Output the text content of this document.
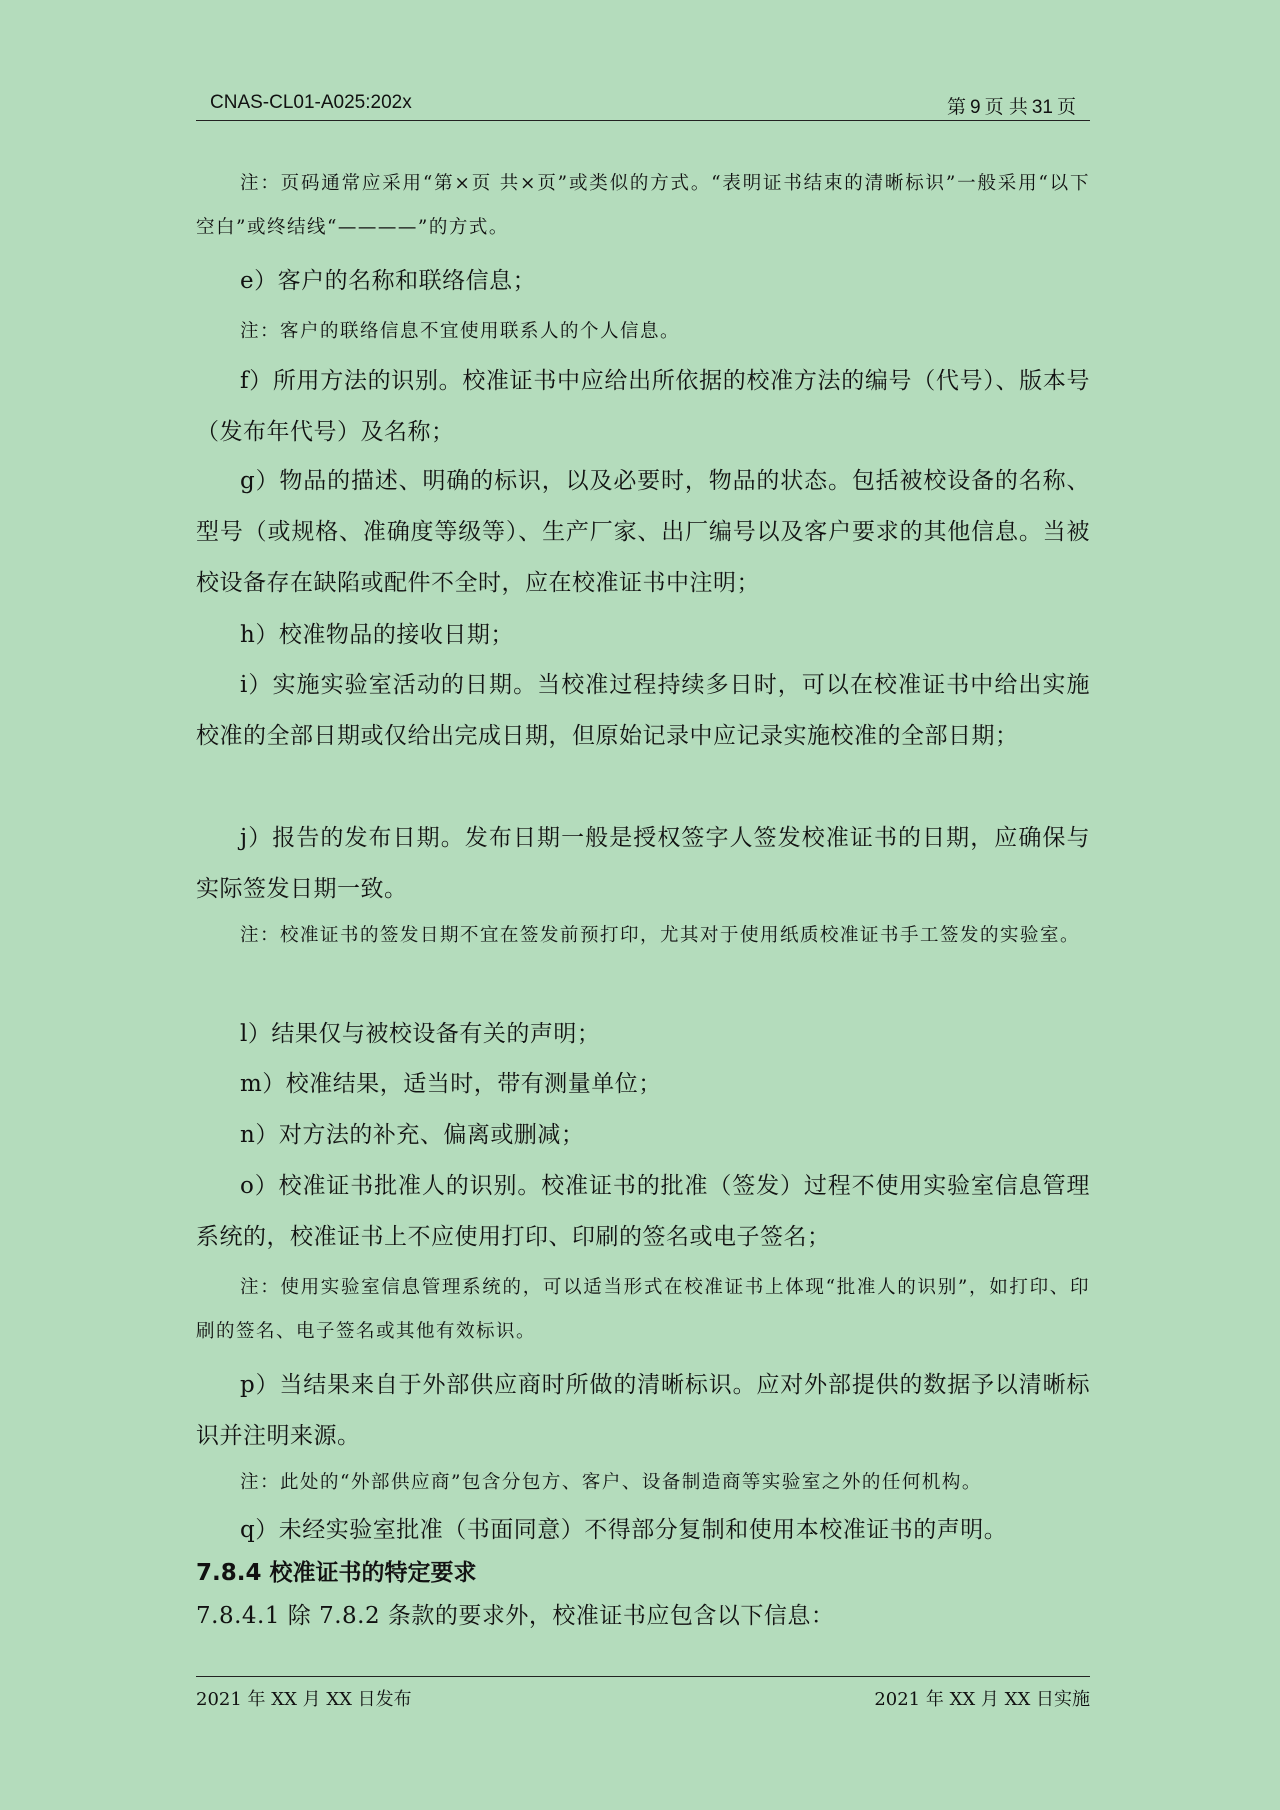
CNAS-CL01-A025:202x	第 9 页 共 31 页
注：页码通常应采用“第×页 共×页”或类似的方式。“表明证书结束的清晰标识”一般采用“以下空白”或终结线“————”的方式。
e）客户的名称和联络信息；
注：客户的联络信息不宜使用联系人的个人信息。
f）所用方法的识别。校准证书中应给出所依据的校准方法的编号（代号）、版本号（发布年代号）及名称；
g）物品的描述、明确的标识，以及必要时，物品的状态。包括被校设备的名称、型号（或规格、准确度等级等）、生产厂家、出厂编号以及客户要求的其他信息。当被校设备存在缺陷或配件不全时，应在校准证书中注明；
h）校准物品的接收日期；
i）实施实验室活动的日期。当校准过程持续多日时，可以在校准证书中给出实施校准的全部日期或仅给出完成日期，但原始记录中应记录实施校准的全部日期；
j）报告的发布日期。发布日期一般是授权签字人签发校准证书的日期，应确保与实际签发日期一致。
注：校准证书的签发日期不宜在签发前预打印，尤其对于使用纸质校准证书手工签发的实验室。
l）结果仅与被校设备有关的声明；
m）校准结果，适当时，带有测量单位；
n）对方法的补充、偏离或删减；
o）校准证书批准人的识别。校准证书的批准（签发）过程不使用实验室信息管理系统的，校准证书上不应使用打印、印刷的签名或电子签名；
注：使用实验室信息管理系统的，可以适当形式在校准证书上体现“批准人的识别”，如打印、印刷的签名、电子签名或其他有效标识。
p）当结果来自于外部供应商时所做的清晰标识。应对外部提供的数据予以清晰标识并注明来源。
注：此处的“外部供应商”包含分包方、客户、设备制造商等实验室之外的任何机构。
q）未经实验室批准（书面同意）不得部分复制和使用本校准证书的声明。
7.8.4 校准证书的特定要求
7.8.4.1 除 7.8.2 条款的要求外，校准证书应包含以下信息：
2021 年 XX 月 XX 日发布	2021 年 XX 月 XX 日实施
